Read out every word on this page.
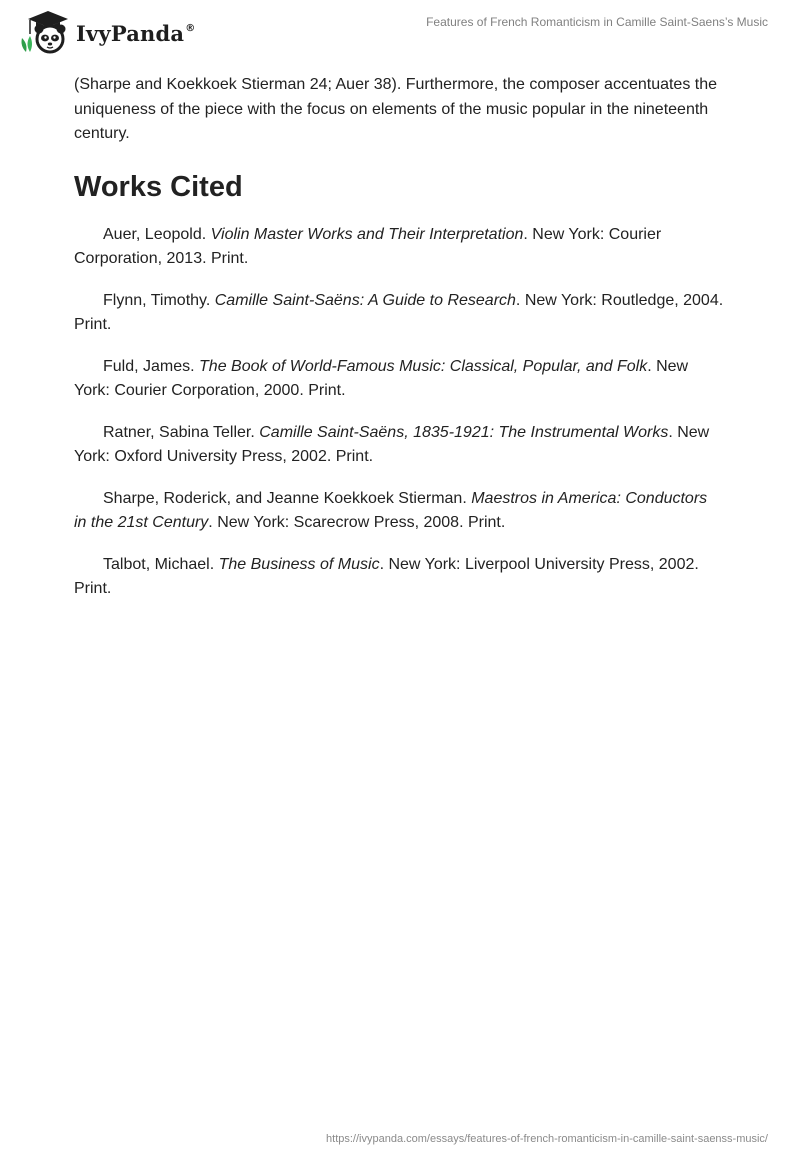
IvyPanda®	Features of French Romanticism in Camille Saint-Saens’s Music

(Sharpe and Koekkoek Stierman 24; Auer 38). Furthermore, the composer accentuates the uniqueness of the piece with the focus on elements of the music popular in the nineteenth century.

Works Cited

Auer, Leopold. Violin Master Works and Their Interpretation. New York: Courier Corporation, 2013. Print.

Flynn, Timothy. Camille Saint-Saëns: A Guide to Research. New York: Routledge, 2004. Print.

Fuld, James. The Book of World-Famous Music: Classical, Popular, and Folk. New York: Courier Corporation, 2000. Print.

Ratner, Sabina Teller. Camille Saint-Saëns, 1835-1921: The Instrumental Works. New York: Oxford University Press, 2002. Print.

Sharpe, Roderick, and Jeanne Koekkoek Stierman. Maestros in America: Conductors in the 21st Century. New York: Scarecrow Press, 2008. Print.

Talbot, Michael. The Business of Music. New York: Liverpool University Press, 2002. Print.

https://ivypanda.com/essays/features-of-french-romanticism-in-camille-saint-saenss-music/
